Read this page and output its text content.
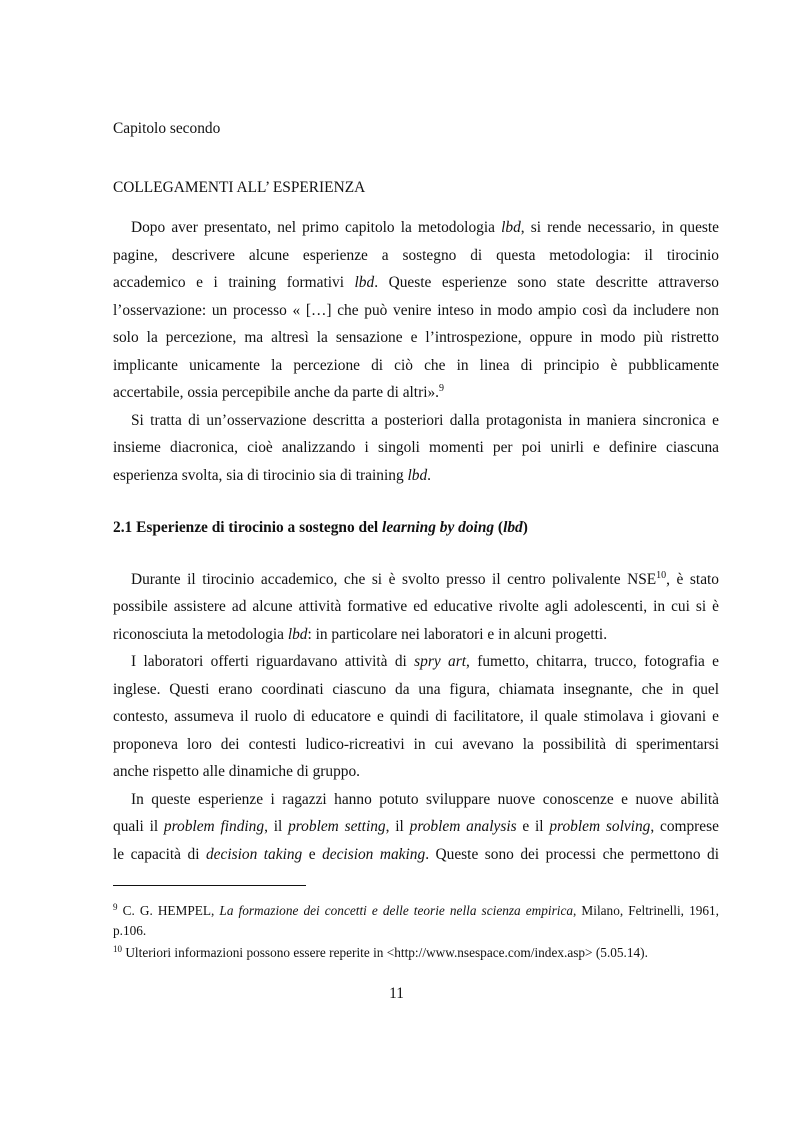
Capitolo secondo
COLLEGAMENTI ALL’ ESPERIENZA
Dopo aver presentato, nel primo capitolo la metodologia lbd, si rende necessario, in queste
pagine, descrivere alcune esperienze a sostegno di questa metodologia: il tirocinio
accademico e i training formativi lbd. Queste esperienze sono state descritte attraverso
l’osservazione: un processo « […] che può venire inteso in modo ampio così da includere non
solo la percezione, ma altresì la sensazione e l’introspezione, oppure in modo più ristretto
implicante unicamente la percezione di ciò che in linea di principio è pubblicamente
accertabile, ossia percepibile anche da parte di altri».$^9$
Si tratta di un’osservazione descritta a posteriori dalla protagonista in maniera sincronica e
insieme diacronica, cioè analizzando i singoli momenti per poi unirli e definire ciascuna
esperienza svolta, sia di tirocinio sia di training lbd.
2.1 Esperienze di tirocinio a sostegno del learning by doing (lbd)
Durante il tirocinio accademico, che si è svolto presso il centro polivalente NSE$^{10}$, è stato
possibile assistere ad alcune attività formative ed educative rivolte agli adolescenti, in cui si è
riconosciuta la metodologia lbd: in particolare nei laboratori e in alcuni progetti.
I laboratori offerti riguardavano attività di spry art, fumetto, chitarra, trucco, fotografia e
inglese. Questi erano coordinati ciascuno da una figura, chiamata insegnante, che in quel
contesto, assumeva il ruolo di educatore e quindi di facilitatore, il quale stimolava i giovani e
proponeva loro dei contesti ludico-ricreativi in cui avevano la possibilità di sperimentarsi
anche rispetto alle dinamiche di gruppo.
In queste esperienze i ragazzi hanno potuto sviluppare nuove conoscenze e nuove abilità
quali il problem finding, il problem setting, il problem analysis e il problem solving, comprese
le capacità di decision taking e decision making. Queste sono dei processi che permettono di
$^9$ C. G. HEMPEL, La formazione dei concetti e delle teorie nella scienza empirica, Milano, Feltrinelli, 1961,
p.106.
$^{10}$ Ulteriori informazioni possono essere reperite in <http://www.nsespace.com/index.asp> (5.05.14).
11
